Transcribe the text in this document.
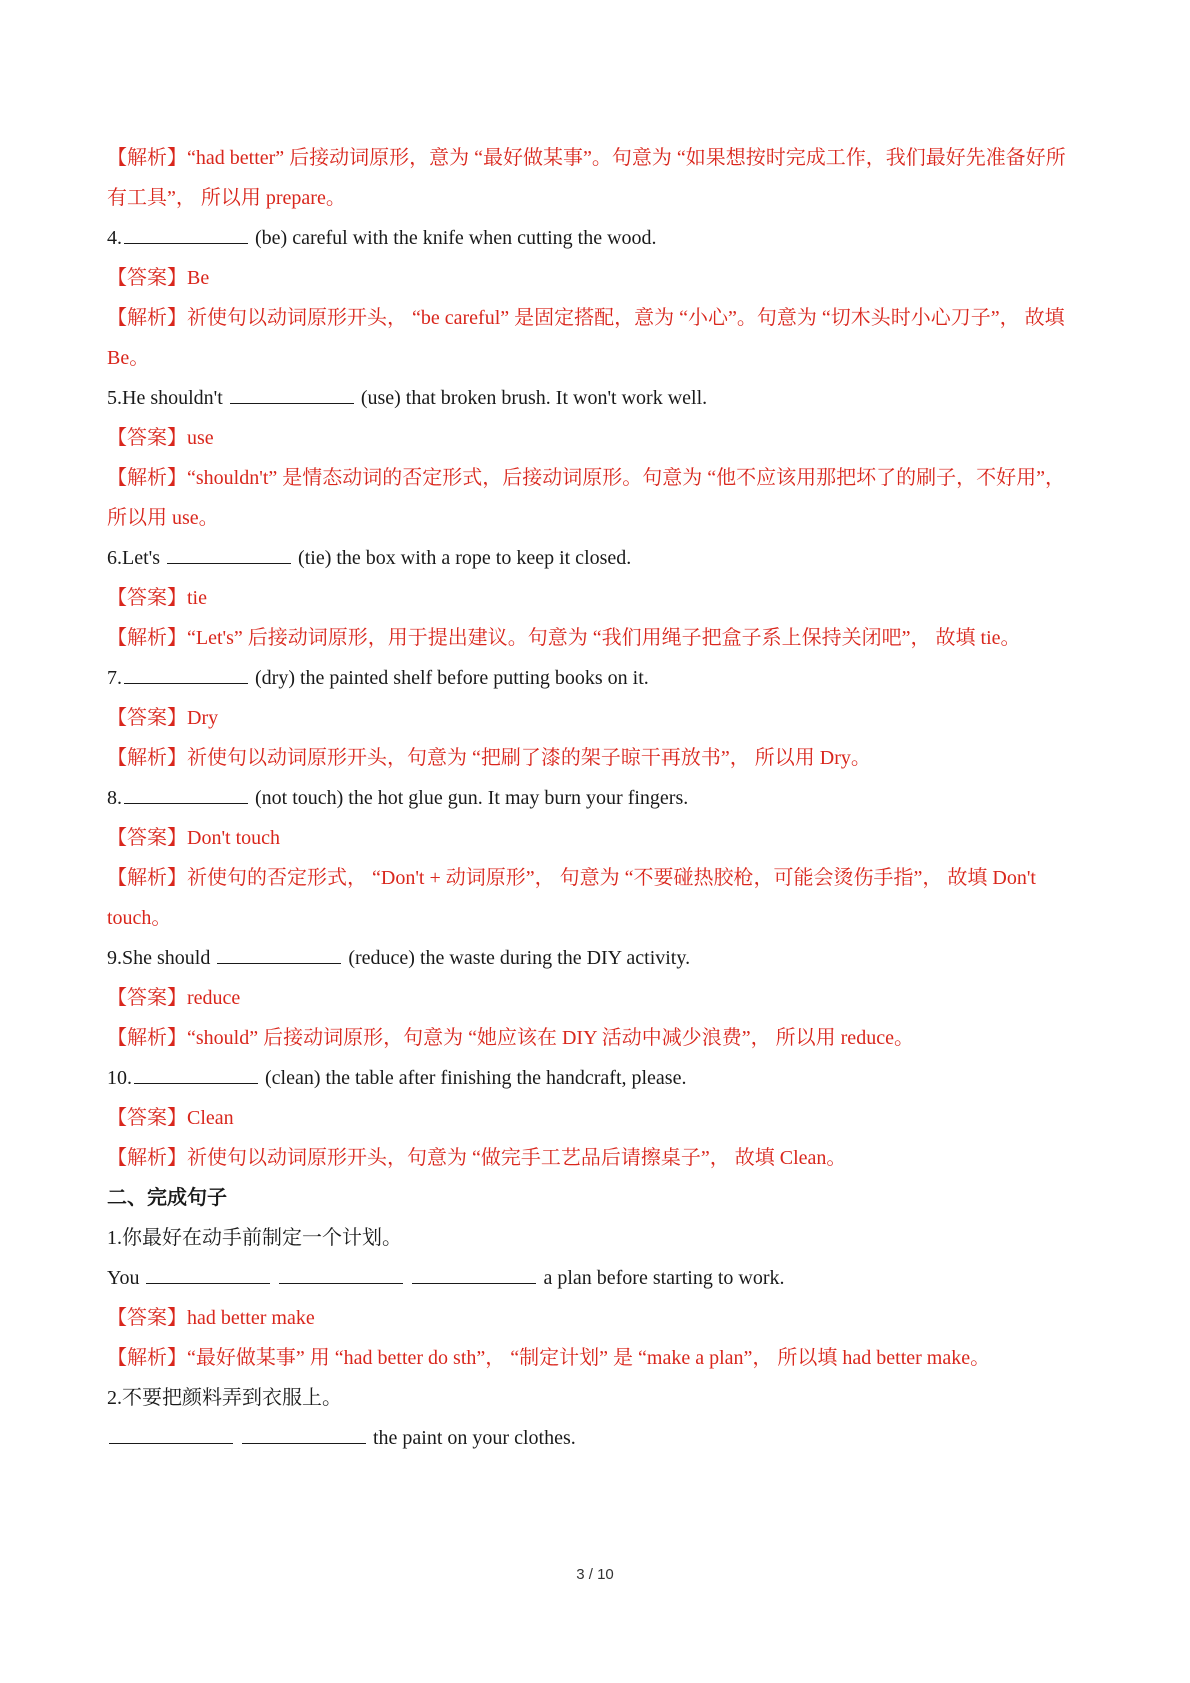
【解析】“had better” 后接动词原形，意为 “最好做某事”。句意为 “如果想按时完成工作，我们最好先准备好所有工具”， 所以用 prepare。

4.	(be) careful with the knife when cutting the wood.

【答案】Be

【解析】祈使句以动词原形开头， “be careful” 是固定搭配，意为 “小心”。句意为 “切木头时小心刀子”， 故填 Be。

5.He shouldn't	(use) that broken brush. It won't work well.

【答案】use

【解析】“shouldn't” 是情态动词的否定形式，后接动词原形。句意为 “他不应该用那把坏了的刷子，不好用”， 所以用 use。

6.Let's	(tie) the box with a rope to keep it closed.

【答案】tie

【解析】“Let's” 后接动词原形，用于提出建议。句意为 “我们用绳子把盒子系上保持关闭吧”， 故填 tie。

7.	(dry) the painted shelf before putting books on it.

【答案】Dry

【解析】祈使句以动词原形开头，句意为 “把刷了漆的架子晾干再放书”， 所以用 Dry。

8.	(not touch) the hot glue gun. It may burn your fingers.

【答案】Don't touch

【解析】祈使句的否定形式， “Don't + 动词原形”， 句意为 “不要碰热胶枪，可能会烫伤手指”， 故填 Don't touch。

9.She should	(reduce) the waste during the DIY activity.

【答案】reduce

【解析】“should” 后接动词原形，句意为 “她应该在 DIY 活动中减少浪费”， 所以用 reduce。

10.	(clean) the table after finishing the handcraft, please.

【答案】Clean

【解析】祈使句以动词原形开头，句意为 “做完手工艺品后请擦桌子”， 故填 Clean。

二、完成句子

1.你最好在动手前制定一个计划。

You	a plan before starting to work.

【答案】had better make

【解析】“最好做某事” 用 “had better do sth”， “制定计划” 是 “make a plan”， 所以填 had better make。

2.不要把颜料弄到衣服上。

the paint on your clothes.

3 / 10
